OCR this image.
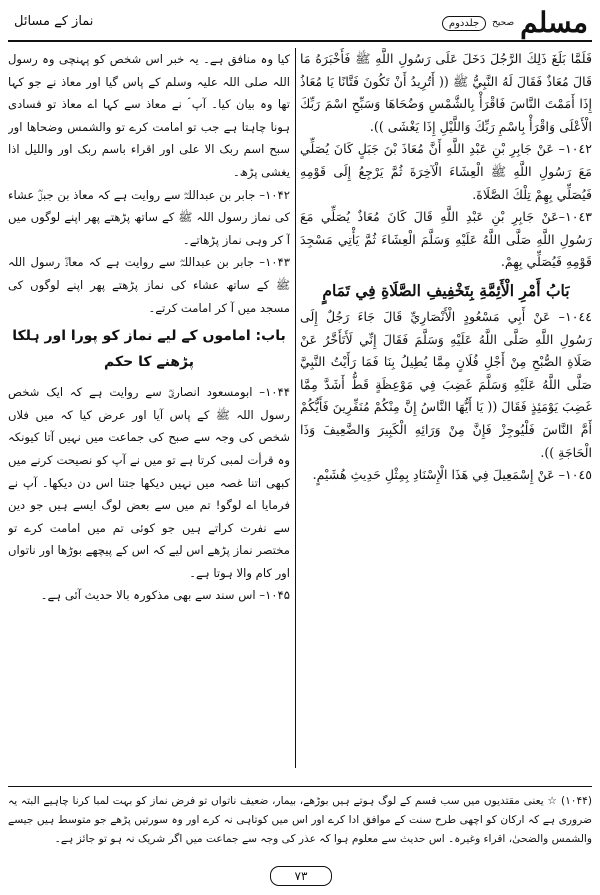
مسلم
صحیح
جلددوم
نماز کے مسائل

فَلَمَّا بَلَغَ ذَلِكَ الرَّجُلَ دَخَلَ عَلَى رَسُولِ اللَّهِ ﷺ فَأَخْبَرَهُ مَا قَالَ مُعَاذٌ فَقَالَ لَهُ النَّبِيُّ ﷺ (( أَتُرِيدُ أَنْ تَكُونَ فَتَّانًا يَا مُعَاذُ إِذَا أَمَمْتَ النَّاسَ فَاقْرَأْ بِالشَّمْسِ وَضُحَاهَا وَسَبِّحِ اسْمَ رَبِّكَ الْأَعْلَى وَاقْرَأْ بِاسْمِ رَبِّكَ وَاللَّيْلِ إِذَا يَغْشَى )).

١٠٤٢– عَنْ جَابِرِ بْنِ عَبْدِ اللَّهِ أَنَّ مُعَاذَ بْنَ جَبَلٍ كَانَ يُصَلِّي مَعَ رَسُولِ اللَّهِ ﷺ الْعِشَاءَ الْآخِرَةَ ثُمَّ يَرْجِعُ إِلَى قَوْمِهِ فَيُصَلِّي بِهِمْ تِلْكَ الصَّلَاةَ.

١٠٤٣–عَنْ جَابِرِ بْنِ عَبْدِ اللَّهِ قَالَ كَانَ مُعَاذٌ يُصَلِّي مَعَ رَسُولِ اللَّهِ صَلَّى اللَّهُ عَلَيْهِ وَسَلَّمَ الْعِشَاءَ ثُمَّ يَأْتِي مَسْجِدَ قَوْمِهِ فَيُصَلِّي بِهِمْ.

بَابُ أَمْرِ الْأَئِمَّةِ بِتَخْفِيفِ الصَّلَاةِ فِي تَمَامٍ

١٠٤٤– عَنْ أَبِي مَسْعُودٍ الْأَنْصَارِيِّ قَالَ جَاءَ رَجُلٌ إِلَى رَسُولِ اللَّهِ صَلَّى اللَّهُ عَلَيْهِ وَسَلَّمَ فَقَالَ إِنِّي لَأَتَأَخَّرُ عَنْ صَلَاةِ الصُّبْحِ مِنْ أَجْلِ فُلَانٍ مِمَّا يُطِيلُ بِنَا فَمَا رَأَيْتُ النَّبِيَّ صَلَّى اللَّهُ عَلَيْهِ وَسَلَّمَ غَضِبَ فِي مَوْعِظَةٍ قَطُّ أَشَدَّ مِمَّا غَضِبَ يَوْمَئِذٍ فَقَالَ (( يَا أَيُّهَا النَّاسُ إِنَّ مِنْكُمْ مُنَفِّرِينَ فَأَيُّكُمْ أَمَّ النَّاسَ فَلْيُوجِزْ فَإِنَّ مِنْ وَرَائِهِ الْكَبِيرَ وَالضَّعِيفَ وَذَا الْحَاجَةِ )).

١٠٤٥– عَنْ إِسْمَعِيلَ فِي هَذَا الْإِسْنَادِ بِمِثْلِ حَدِيثِ هُشَيْمٍ.

کیا وہ منافق ہے۔ یہ خبر اس شخص کو پہنچی وہ رسول اللہ صلی اللہ علیہ وسلم کے پاس گیا اور معاذ نے جو کہا تھا وہ بیان کیا۔ آپ ؐ نے معاذ سے کہا اے معاذ تو فسادی ہونا چاہتا ہے جب تو امامت کرے تو والشمس وضحاھا اور سبح اسم ربک الا علی اور اقراء باسم ربک اور واللیل اذا یغشی پڑھ۔

۱۰۴۲– جابر بن عبداللہؓ سے روایت ہے کہ معاذ بن جبلؓ عشاء کی نماز رسول اللہ ﷺ کے ساتھ پڑھتے پھر اپنے لوگوں میں آ کر وہی نماز پڑھاتے۔

۱۰۴۳– جابر بن عبداللہؓ سے روایت ہے کہ معاذؓ رسول اللہ ﷺ کے ساتھ عشاء کی نماز پڑھتے پھر اپنے لوگوں کی مسجد میں آ کر امامت کرتے۔

باب: اماموں کے لیے نماز کو پورا اور ہلکا پڑھنے کا حکم

۱۰۴۴– ابومسعود انصاریؓ سے روایت ہے کہ ایک شخص رسول اللہ ﷺ کے پاس آیا اور عرض کیا کہ میں فلاں شخص کی وجہ سے صبح کی جماعت میں نہیں آتا کیونکہ وہ قرأت لمبی کرتا ہے تو میں نے آپ کو نصیحت کرنے میں کبھی اتنا غصہ میں نہیں دیکھا جتنا اس دن دیکھا۔ آپ نے فرمایا اے لوگو! تم میں سے بعض لوگ ایسے ہیں جو دین سے نفرت کراتے ہیں جو کوئی تم میں امامت کرے تو مختصر نماز پڑھے اس لیے کہ اس کے پیچھے بوڑھا اور ناتواں اور کام والا ہوتا ہے۔

۱۰۴۵– اس سند سے بھی مذکورہ بالا حدیث آئی ہے۔

(۱۰۴۴) ☆ یعنی مقتدیوں میں سب قسم کے لوگ ہوتے ہیں بوڑھے، بیمار، ضعیف ناتواں تو فرض نماز کو بہت لمبا کرنا چاہیے البتہ یہ ضروری ہے کہ ارکان کو اچھی طرح سنت کے موافق ادا کرے اور اس میں کوتاہی نہ کرے اور وہ سورتیں پڑھے جو متوسط ہیں جیسے والشمس والضحیٰ، اقراء وغیرہ۔ اس حدیث سے معلوم ہوا کہ عذر کی وجہ سے جماعت میں اگر شریک نہ ہو تو جائز ہے۔
۷۳
